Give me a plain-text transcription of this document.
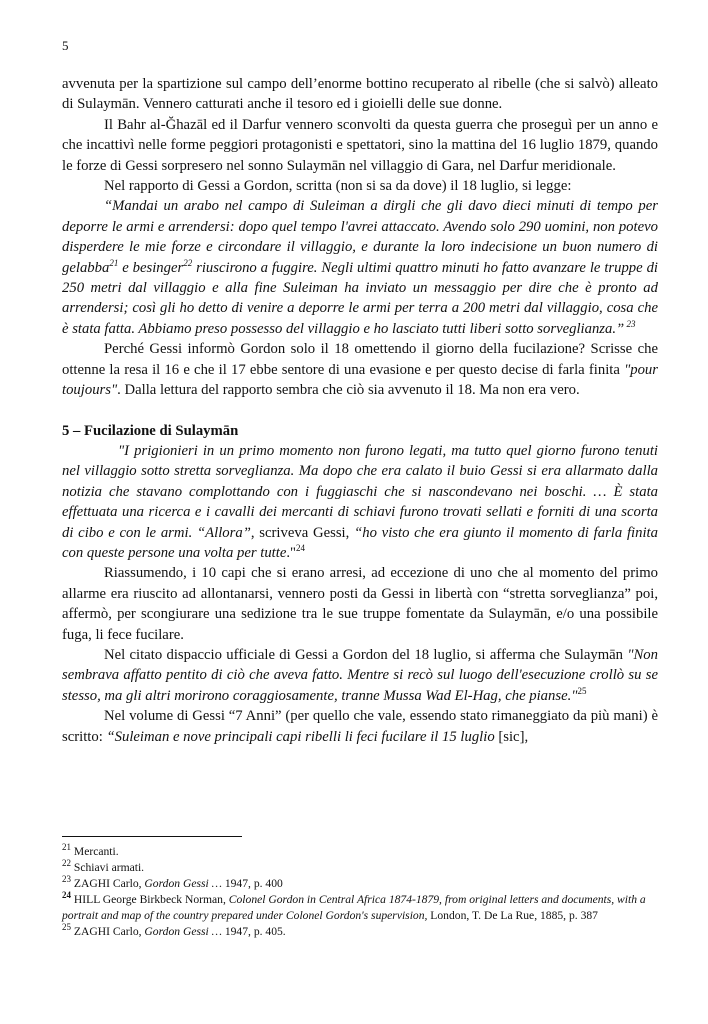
5

avvenuta per la spartizione sul campo dell’enorme bottino recuperato al ribelle (che si salvò) alleato di Sulaymān. Vennero catturati anche il tesoro ed i gioielli delle sue donne.

Il Bahr al-Ğhazāl ed il Darfur vennero sconvolti da questa guerra che proseguì per un anno e che incattivì nelle forme peggiori protagonisti e spettatori, sino la mattina del 16 luglio 1879, quando le forze di Gessi sorpresero nel sonno Sulaymān nel villaggio di Gara, nel Darfur meridionale.

Nel rapporto di Gessi a Gordon, scritta (non si sa da dove) il 18 luglio, si legge:

“Mandai un arabo nel campo di Suleiman a dirgli che gli davo dieci minuti di tempo per deporre le armi e arrendersi: dopo quel tempo l'avrei attaccato. Avendo solo 290 uomini, non potevo disperdere le mie forze e circondare il villaggio, e durante la loro indecisione un buon numero di gelabba$^{21}$ e besinger$^{22}$ riuscirono a fuggire. Negli ultimi quattro minuti ho fatto avanzare le truppe di 250 metri dal villaggio e alla fine Suleiman ha inviato un messaggio per dire che è pronto ad arrendersi; così gli ho detto di venire a deporre le armi per terra a 200 metri dal villaggio, cosa che è stata fatta. Abbiamo preso possesso del villaggio e ho lasciato tutti liberi sotto sorveglianza.” $^{23}$

Perché Gessi informò Gordon solo il 18 omettendo il giorno della fucilazione? Scrisse che ottenne la resa il 16 e che il 17 ebbe sentore di una evasione e per questo decise di farla finita "pour toujours". Dalla lettura del rapporto sembra che ciò sia avvenuto il 18. Ma non era vero.

5 – Fucilazione di Sulaymān

"I prigionieri in un primo momento non furono legati, ma tutto quel giorno furono tenuti nel villaggio sotto stretta sorveglianza. Ma dopo che era calato il buio Gessi si era allarmato dalla notizia che stavano complottando con i fuggiaschi che si nascondevano nei boschi. … È stata effettuata una ricerca e i cavalli dei mercanti di schiavi furono trovati sellati e forniti di una scorta di cibo e con le armi. “Allora”, scriveva Gessi, “ho visto che era giunto il momento di farla finita con queste persone una volta per tutte."$^{24}$

Riassumendo, i 10 capi che si erano arresi, ad eccezione di uno che al momento del primo allarme era riuscito ad allontanarsi, vennero posti da Gessi in libertà con “stretta sorveglianza” poi, affermò, per scongiurare una sedizione tra le sue truppe fomentate da Sulaymān, e/o una possibile fuga, li fece fucilare.

Nel citato dispaccio ufficiale di Gessi a Gordon del 18 luglio, si afferma che Sulaymān "Non sembrava affatto pentito di ciò che aveva fatto. Mentre si recò sul luogo dell'esecuzione crollò su se stesso, ma gli altri morirono coraggiosamente, tranne Mussa Wad El-Hag, che pianse."$^{25}$

Nel volume di Gessi “7 Anni” (per quello che vale, essendo stato rimaneggiato da più mani) è scritto: “Suleiman e nove principali capi ribelli li feci fucilare il 15 luglio [sic],

$^{21}$ Mercanti.

$^{22}$ Schiavi armati.

$^{23}$ ZAGHI Carlo, Gordon Gessi … 1947, p. 400

$^{24}$ HILL George Birkbeck Norman, Colonel Gordon in Central Africa 1874-1879, from original letters and documents, with a portrait and map of the country prepared under Colonel Gordon's supervision, London, T. De La Rue, 1885, p. 387

$^{25}$ ZAGHI Carlo, Gordon Gessi … 1947, p. 405.
